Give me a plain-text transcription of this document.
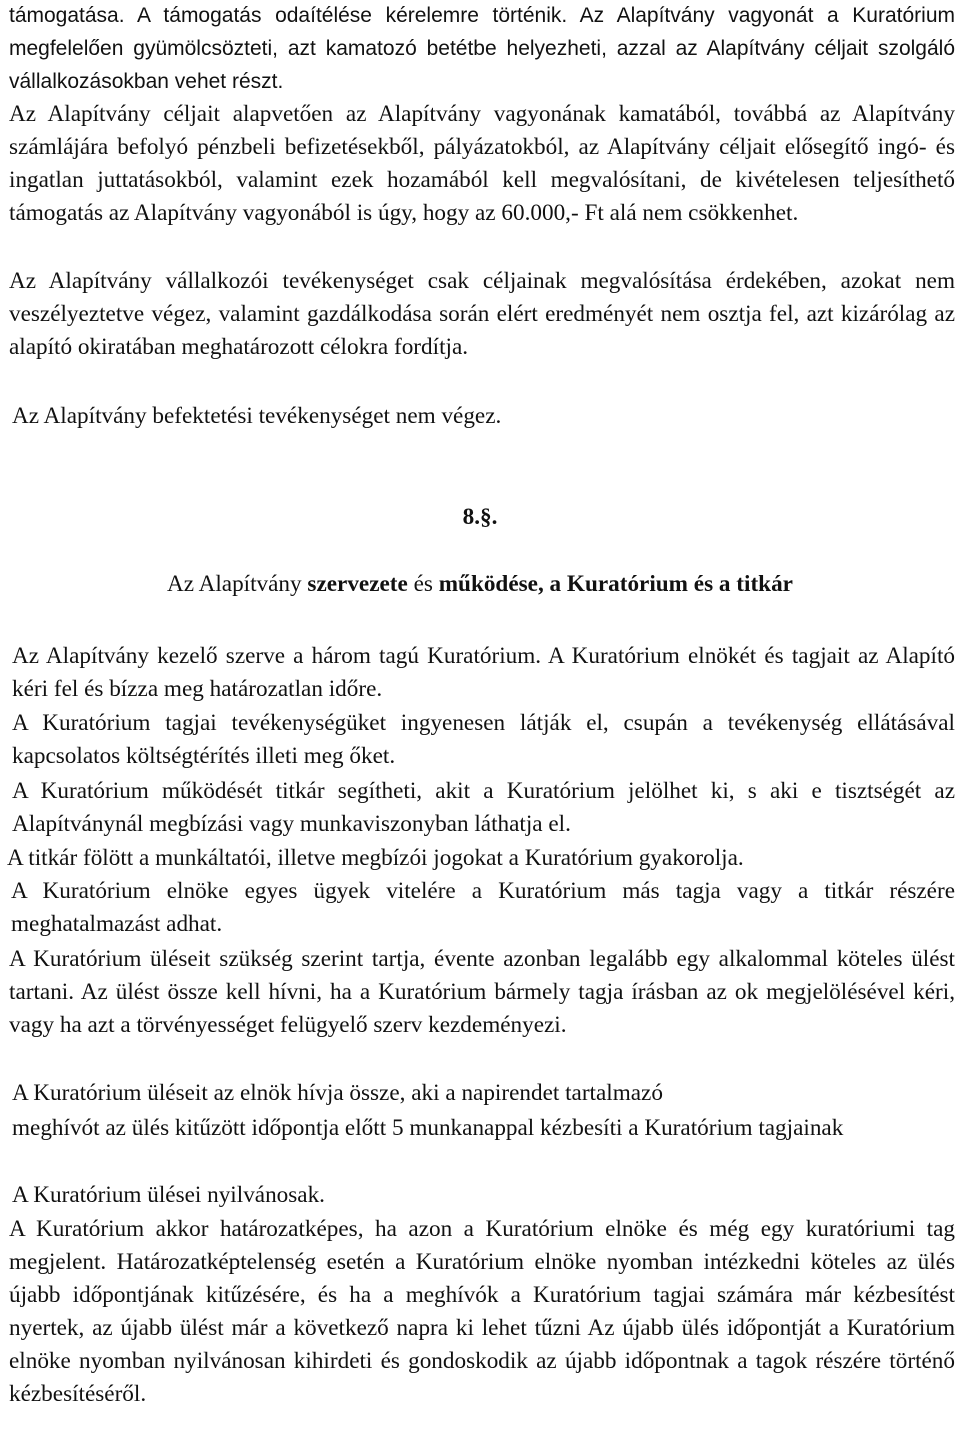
támogatása. A támogatás odaítélése kérelemre történik. Az Alapítvány vagyonát a Kuratórium megfelelően gyümölcsözteti, azt kamatozó betétbe helyezheti, azzal az Alapítvány céljait szolgáló vállalkozásokban vehet részt.
Az Alapítvány céljait alapvetően az Alapítvány vagyonának kamatából, továbbá az Alapítvány számlájára befolyó pénzbeli befizetésekből, pályázatokból, az Alapítvány céljait elősegítő ingó- és ingatlan juttatásokból, valamint ezek hozamából kell megvalósítani, de kivételesen teljesíthető támogatás az Alapítvány vagyonából is úgy, hogy az 60.000,- Ft alá nem csökkenhet.
Az Alapítvány vállalkozói tevékenységet csak céljainak megvalósítása érdekében, azokat nem veszélyeztetve végez, valamint gazdálkodása során elért eredményét nem osztja fel, azt kizárólag az alapító okiratában meghatározott célokra fordítja.
Az Alapítvány befektetési tevékenységet nem végez.
8.§.
Az Alapítvány szervezete és működése, a Kuratórium és a titkár
Az Alapítvány kezelő szerve a három tagú Kuratórium. A Kuratórium elnökét és tagjait az Alapító kéri fel és bízza meg határozatlan időre.
A Kuratórium tagjai tevékenységüket ingyenesen látják el, csupán a tevékenység ellátásával kapcsolatos költségtérítés illeti meg őket.
A Kuratórium működését titkár segítheti, akit a Kuratórium jelölhet ki, s aki e tisztségét az Alapítványnál megbízási vagy munkaviszonyban láthatja el.
A titkár fölött a munkáltatói, illetve megbízói jogokat a Kuratórium gyakorolja.
A Kuratórium elnöke egyes ügyek vitelére a Kuratórium más tagja vagy a titkár részére meghatalmazást adhat.
A Kuratórium üléseit szükség szerint tartja, évente azonban legalább egy alkalommal köteles ülést tartani. Az ülést össze kell hívni, ha a Kuratórium bármely tagja írásban az ok megjelölésével kéri, vagy ha azt a törvényességet felügyelő szerv kezdeményezi.
A Kuratórium üléseit az elnök hívja össze, aki a napirendet tartalmazó
meghívót az ülés kitűzött időpontja előtt 5 munkanappal kézbesíti a Kuratórium tagjainak
A Kuratórium ülései nyilvánosak.
A Kuratórium akkor határozatképes, ha azon a Kuratórium elnöke és még egy kuratóriumi tag megjelent. Határozatképtelenség esetén a Kuratórium elnöke nyomban intézkedni köteles az ülés újabb időpontjának kitűzésére, és ha a meghívók a Kuratórium tagjai számára már kézbesítést nyertek, az újabb ülést már a következő napra ki lehet tűzni Az újabb ülés időpontját a Kuratórium elnöke nyomban nyilvánosan kihirdeti és gondoskodik az újabb időpontnak a tagok részére történő kézbesítéséről.
